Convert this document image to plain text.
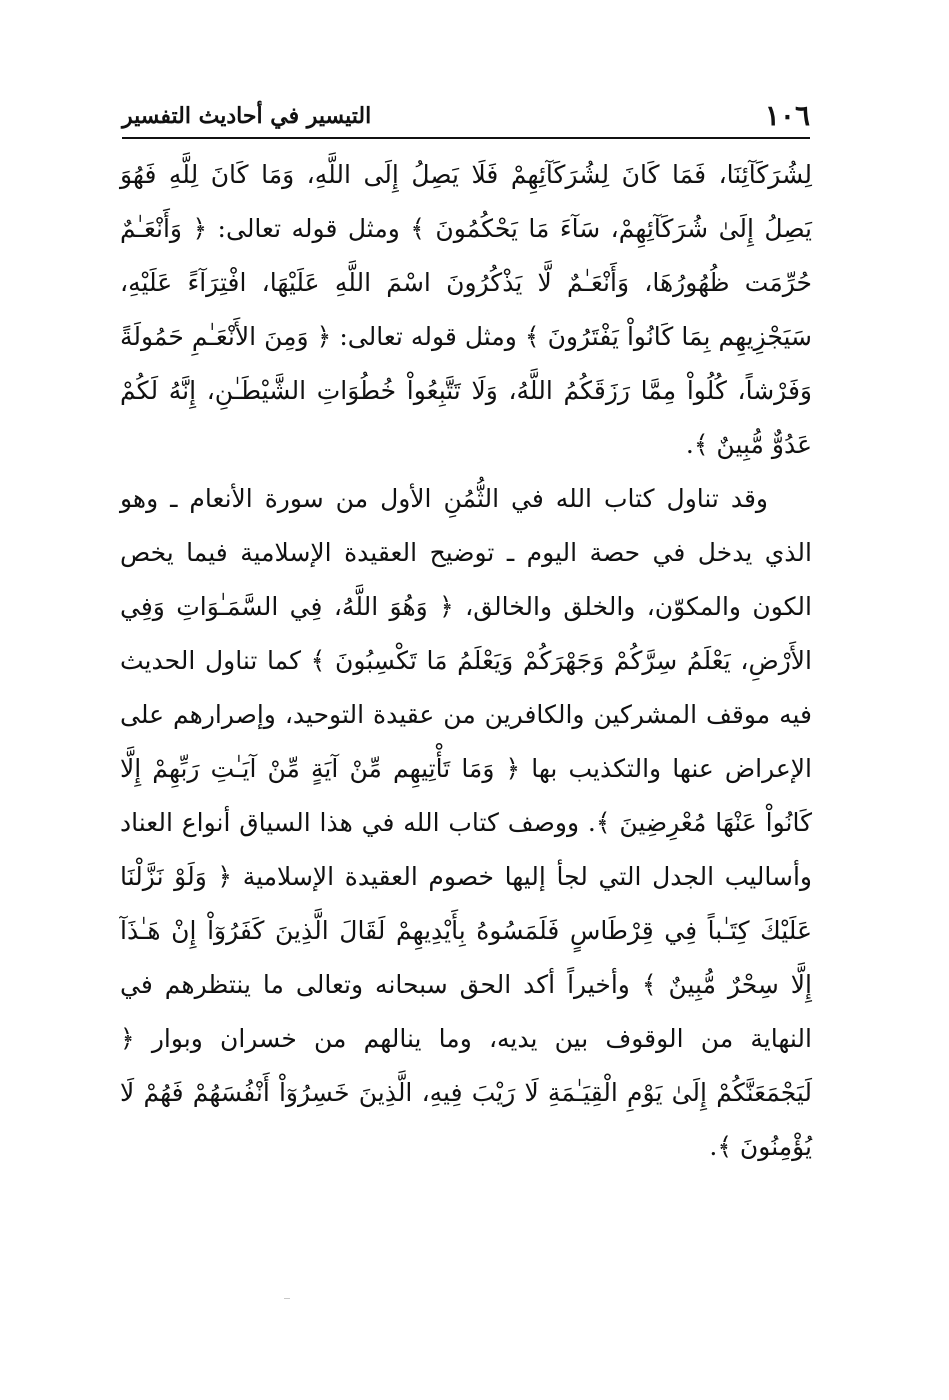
١٠٦
التيسير في أحاديث التفسير

لِشُرَكَآئِنَا، فَمَا كَانَ لِشُرَكَآئِهِمْ فَلَا يَصِلُ إِلَى اللَّهِ، وَمَا كَانَ لِلَّهِ فَهُوَ يَصِلُ إِلَىٰ شُرَكَآئِهِمْ، سَآءَ مَا يَحْكُمُونَ ﴾ ومثل قوله تعالى: ﴿ وَأَنْعَـٰمٌ حُرِّمَت ظُهُورُهَا، وَأَنْعَـٰمٌ لَّا يَذْكُرُونَ اسْمَ اللَّهِ عَلَيْهَا، افْتِرَآءً عَلَيْهِ، سَيَجْزِيهِم بِمَا كَانُواْ يَفْتَرُونَ ﴾ ومثل قوله تعالى: ﴿ وَمِنَ الأَنْعَـٰمِ حَمُولَةً وَفَرْشاً، كُلُواْ مِمَّا رَزَقَكُمُ اللَّهُ، وَلَا تَتَّبِعُواْ خُطُوَاتِ الشَّيْطَـٰنِ، إِنَّهُ لَكُمْ عَدُوٌّ مُّبِينٌ ﴾.

وقد تناول كتاب الله في الثُّمُنِ الأول من سورة الأنعام ـ وهو الذي يدخل في حصة اليوم ـ توضيح العقيدة الإسلامية فيما يخص الكون والمكوّن، والخلق والخالق، ﴿ وَهُوَ اللَّهُ، فِي السَّمَـٰوَاتِ وَفِي الأَرْضِ، يَعْلَمُ سِرَّكُمْ وَجَهْرَكُمْ وَيَعْلَمُ مَا تَكْسِبُونَ ﴾ كما تناول الحديث فيه موقف المشركين والكافرين من عقيدة التوحيد، وإصرارهم على الإعراض عنها والتكذيب بها ﴿ وَمَا تَأْتِيهِم مِّنْ آيَةٍ مِّنْ آيَـٰتِ رَبِّهِمْ إِلَّا كَانُواْ عَنْهَا مُعْرِضِينَ ﴾. ووصف كتاب الله في هذا السياق أنواع العناد وأساليب الجدل التي لجأ إليها خصوم العقيدة الإسلامية ﴿ وَلَوْ نَزَّلْنَا عَلَيْكَ كِتَـٰباً فِي قِرْطَاسٍ فَلَمَسُوهُ بِأَيْدِيهِمْ لَقَالَ الَّذِينَ كَفَرُوٓاْ إِنْ هَـٰذَآ إِلَّا سِحْرٌ مُّبِينٌ ﴾ وأخيراً أكد الحق سبحانه وتعالى ما ينتظرهم في النهاية من الوقوف بين يديه، وما ينالهم من خسران وبوار ﴿ لَيَجْمَعَنَّكُمْ إِلَىٰ يَوْمِ الْقِيَـٰمَةِ لَا رَيْبَ فِيهِ، الَّذِينَ خَسِرُوٓاْ أَنْفُسَهُمْ فَهُمْ لَا يُؤْمِنُونَ ﴾.
